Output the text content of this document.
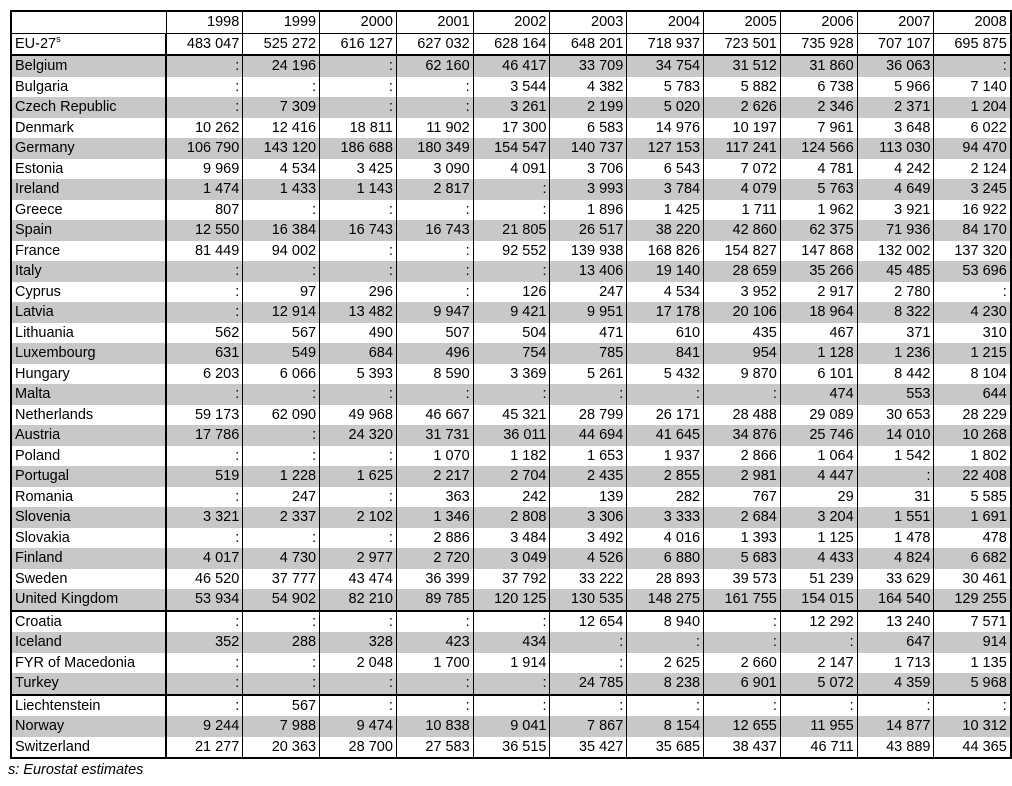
	1998	1999	2000	2001	2002	2003	2004	2005	2006	2007	2008
EU-27$^s$	483 047	525 272	616 127	627 032	628 164	648 201	718 937	723 501	735 928	707 107	695 875
Belgium	:	24 196	:	62 160	46 417	33 709	34 754	31 512	31 860	36 063	:
Bulgaria	:	:	:	:	3 544	4 382	5 783	5 882	6 738	5 966	7 140
Czech Republic	:	7 309	:	:	3 261	2 199	5 020	2 626	2 346	2 371	1 204
Denmark	10 262	12 416	18 811	11 902	17 300	6 583	14 976	10 197	7 961	3 648	6 022
Germany	106 790	143 120	186 688	180 349	154 547	140 737	127 153	117 241	124 566	113 030	94 470
Estonia	9 969	4 534	3 425	3 090	4 091	3 706	6 543	7 072	4 781	4 242	2 124
Ireland	1 474	1 433	1 143	2 817	:	3 993	3 784	4 079	5 763	4 649	3 245
Greece	807	:	:	:	:	1 896	1 425	1 711	1 962	3 921	16 922
Spain	12 550	16 384	16 743	16 743	21 805	26 517	38 220	42 860	62 375	71 936	84 170
France	81 449	94 002	:	:	92 552	139 938	168 826	154 827	147 868	132 002	137 320
Italy	:	:	:	:	:	13 406	19 140	28 659	35 266	45 485	53 696
Cyprus	:	97	296	:	126	247	4 534	3 952	2 917	2 780	:
Latvia	:	12 914	13 482	9 947	9 421	9 951	17 178	20 106	18 964	8 322	4 230
Lithuania	562	567	490	507	504	471	610	435	467	371	310
Luxembourg	631	549	684	496	754	785	841	954	1 128	1 236	1 215
Hungary	6 203	6 066	5 393	8 590	3 369	5 261	5 432	9 870	6 101	8 442	8 104
Malta	:	:	:	:	:	:	:	:	474	553	644
Netherlands	59 173	62 090	49 968	46 667	45 321	28 799	26 171	28 488	29 089	30 653	28 229
Austria	17 786	:	24 320	31 731	36 011	44 694	41 645	34 876	25 746	14 010	10 268
Poland	:	:	:	1 070	1 182	1 653	1 937	2 866	1 064	1 542	1 802
Portugal	519	1 228	1 625	2 217	2 704	2 435	2 855	2 981	4 447	:	22 408
Romania	:	247	:	363	242	139	282	767	29	31	5 585
Slovenia	3 321	2 337	2 102	1 346	2 808	3 306	3 333	2 684	3 204	1 551	1 691
Slovakia	:	:	:	2 886	3 484	3 492	4 016	1 393	1 125	1 478	478
Finland	4 017	4 730	2 977	2 720	3 049	4 526	6 880	5 683	4 433	4 824	6 682
Sweden	46 520	37 777	43 474	36 399	37 792	33 222	28 893	39 573	51 239	33 629	30 461
United Kingdom	53 934	54 902	82 210	89 785	120 125	130 535	148 275	161 755	154 015	164 540	129 255
Croatia	:	:	:	:	:	12 654	8 940	:	12 292	13 240	7 571
Iceland	352	288	328	423	434	:	:	:	:	647	914
FYR of Macedonia	:	:	2 048	1 700	1 914	:	2 625	2 660	2 147	1 713	1 135
Turkey	:	:	:	:	:	24 785	8 238	6 901	5 072	4 359	5 968
Liechtenstein	:	567	:	:	:	:	:	:	:	:	:
Norway	9 244	7 988	9 474	10 838	9 041	7 867	8 154	12 655	11 955	14 877	10 312
Switzerland	21 277	20 363	28 700	27 583	36 515	35 427	35 685	38 437	46 711	43 889	44 365
s: Eurostat estimates
